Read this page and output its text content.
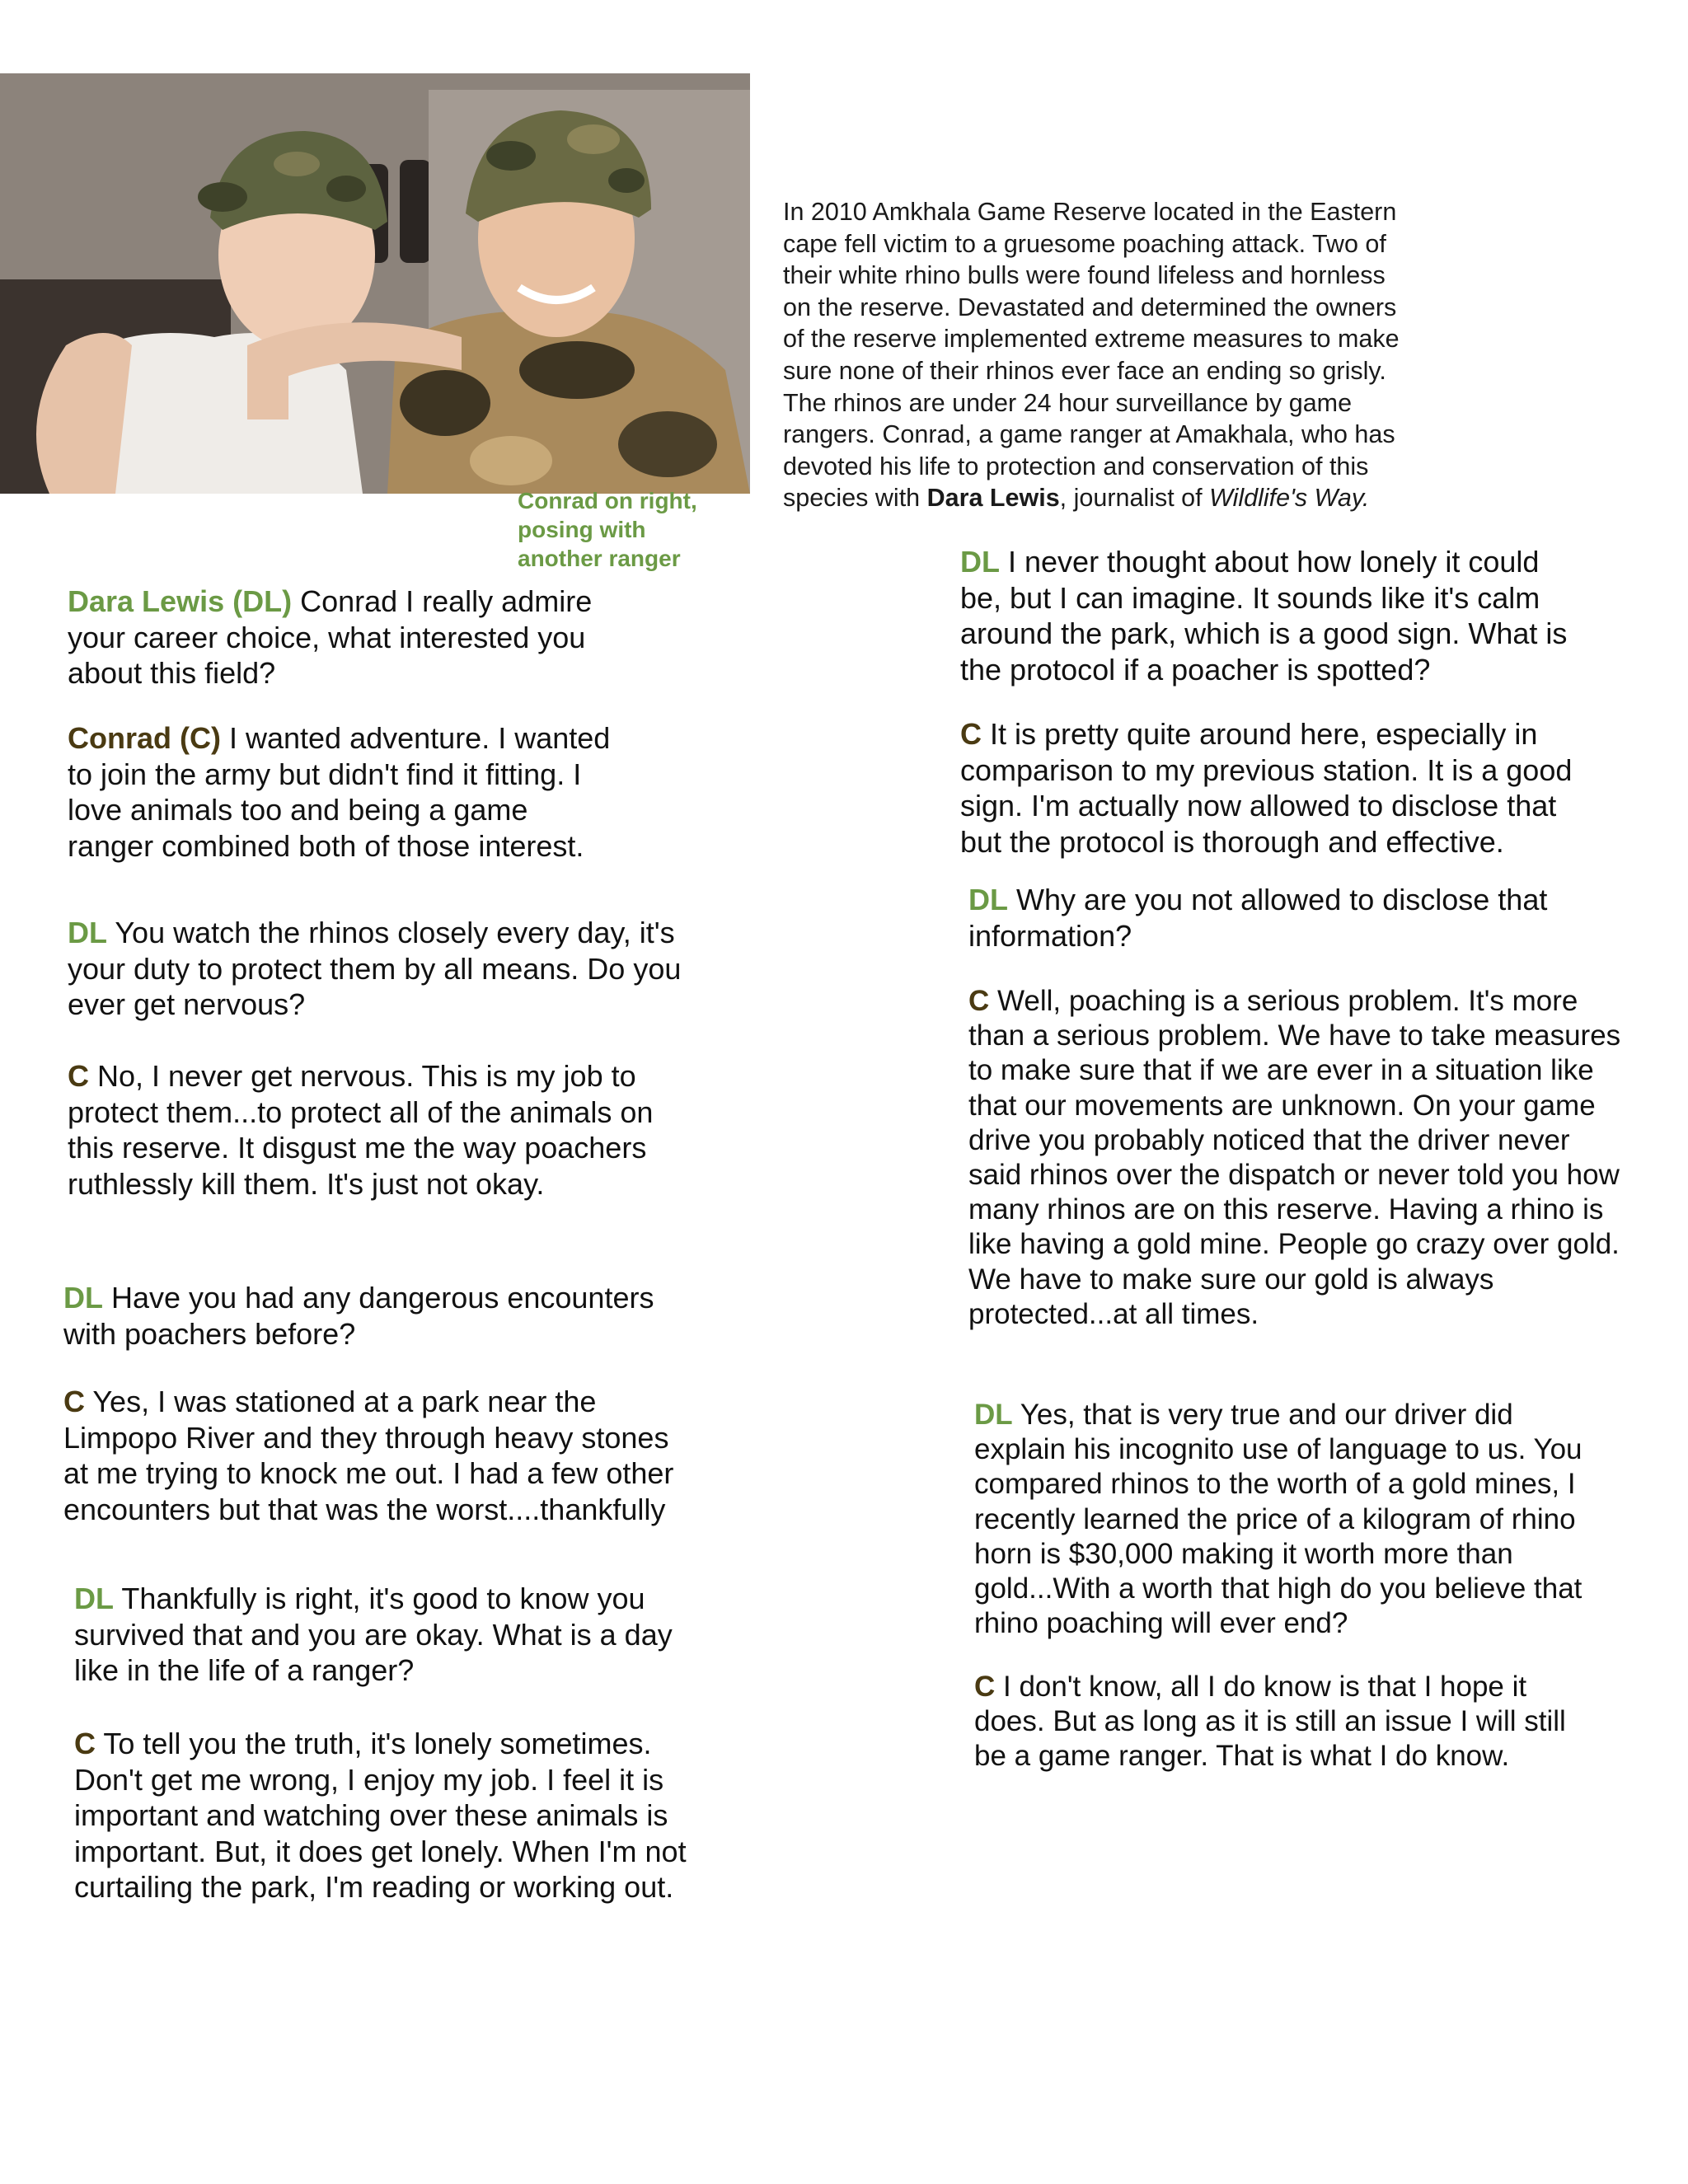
Conrad on right,
posing with
another ranger

In 2010 Amkhala Game Reserve located in the Eastern

cape fell victim to a gruesome poaching attack. Two of

their white rhino bulls were found lifeless and hornless

on the reserve. Devastated and determined the owners

of the reserve implemented extreme measures to make

sure none of their rhinos ever face an ending so grisly.

The rhinos are under 24 hour surveillance by game

rangers. Conrad, a game ranger at Amakhala, who has

devoted his life to protection and conservation of this

species with Dara Lewis, journalist of Wildlife's Way.

Dara Lewis (DL) Conrad I really admire

your career choice, what interested you

about this field?

Conrad (C) I wanted adventure. I wanted

to join the army but didn't find it fitting. I

love animals too and being a game

ranger combined both of those interest.

DL You watch the rhinos closely every day, it's

your duty to protect them by all means. Do you

ever get nervous?

C No, I never get nervous. This is my job to

protect them...to protect all of the animals on

this reserve. It disgust me the way poachers

ruthlessly kill them. It's just not okay.

DL Have you had any dangerous encounters

with poachers before?

C Yes, I was stationed at a park near the

Limpopo River and they through heavy stones

at me trying to knock me out. I had a few other

encounters but that was the worst....thankfully

DL Thankfully is right, it's good to know you

survived that and you are okay. What is a day

like in the life of a ranger?

C To tell you the truth, it's lonely sometimes.

Don't get me wrong, I enjoy my job. I feel it is

important and watching over these animals is

important. But, it does get lonely. When I'm not

curtailing the park, I'm reading or working out.

DL I never thought about how lonely it could

be, but I can imagine. It sounds like it's calm

around the park, which is a good sign. What is

the protocol if a poacher is spotted?

C It is pretty quite around here, especially in

comparison to my previous station. It is a good

sign. I'm actually now allowed to disclose that

but the protocol is thorough and effective.

DL Why are you not allowed to disclose that

information?

C Well, poaching is a serious problem. It's more

than a serious problem. We have to take measures

to make sure that if we are ever in a situation like

that our movements are unknown. On your game

drive you probably noticed that the driver never

said rhinos over the dispatch or never told you how

many rhinos are on this reserve. Having a rhino is

like having a gold mine. People go crazy over gold.

We have to make sure our gold is always

protected...at all times.

DL Yes, that is very true and our driver did

explain his incognito use of language to us. You

compared rhinos to the worth of a gold mines, I

recently learned the price of a kilogram of rhino

horn is $30,000 making it worth more than

gold...With a worth that high do you believe that

rhino poaching will ever end?

C I don't know, all I do know is that I hope it

does. But as long as it is still an issue I will still

be a game ranger. That is what I do know.
